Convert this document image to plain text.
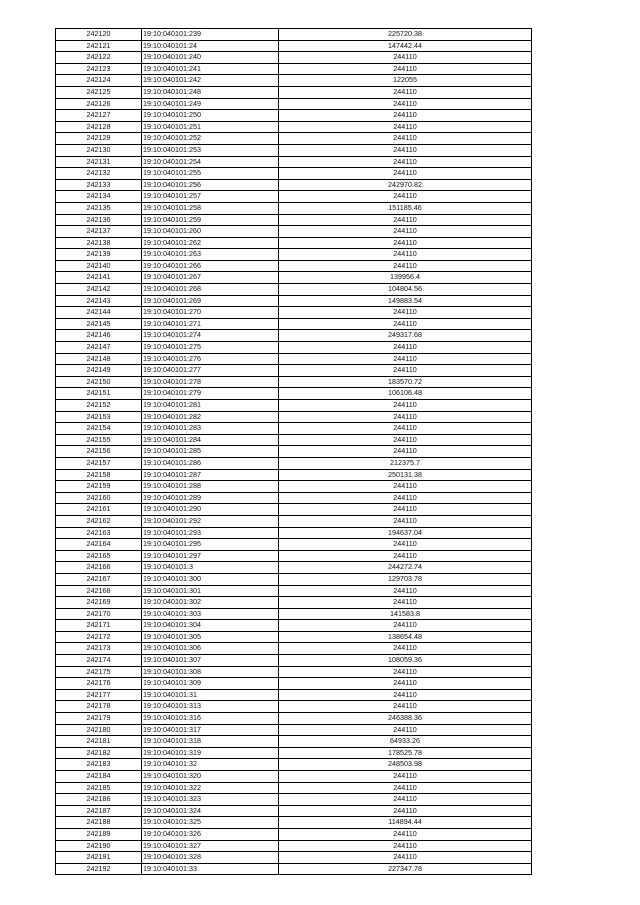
242120	19:10:040101:239	225720.38
242121	19:10:040101:24	147442.44
242122	19:10:040101:240	244110
242123	19:10:040101:241	244110
242124	19:10:040101:242	122055
242125	19:10:040101:248	244110
242126	19:10:040101:249	244110
242127	19:10:040101:250	244110
242128	19:10:040101:251	244110
242129	19:10:040101:252	244110
242130	19:10:040101:253	244110
242131	19:10:040101:254	244110
242132	19:10:040101:255	244110
242133	19:10:040101:256	242970.82
242134	19:10:040101:257	244110
242135	19:10:040101:258	151185.46
242136	19:10:040101:259	244110
242137	19:10:040101:260	244110
242138	19:10:040101:262	244110
242139	19:10:040101:263	244110
242140	19:10:040101:266	244110
242141	19:10:040101:267	139956.4
242142	19:10:040101:268	104804.56
242143	19:10:040101:269	149883.54
242144	19:10:040101:270	244110
242145	19:10:040101:271	244110
242146	19:10:040101:274	249317.68
242147	19:10:040101:275	244110
242148	19:10:040101:276	244110
242149	19:10:040101:277	244110
242150	19:10:040101:278	183570.72
242151	19:10:040101:279	106106.48
242152	19:10:040101:281	244110
242153	19:10:040101:282	244110
242154	19:10:040101:283	244110
242155	19:10:040101:284	244110
242156	19:10:040101:285	244110
242157	19:10:040101:286	212375.7
242158	19:10:040101:287	250131.38
242159	19:10:040101:288	244110
242160	19:10:040101:289	244110
242161	19:10:040101:290	244110
242162	19:10:040101:292	244110
242163	19:10:040101:293	194637.04
242164	19:10:040101:295	244110
242165	19:10:040101:297	244110
242166	19:10:040101:3	244272.74
242167	19:10:040101:300	129703.78
242168	19:10:040101:301	244110
242169	19:10:040101:302	244110
242170	19:10:040101:303	141583.8
242171	19:10:040101:304	244110
242172	19:10:040101:305	138654.48
242173	19:10:040101:306	244110
242174	19:10:040101:307	108059.36
242175	19:10:040101:308	244110
242176	19:10:040101:309	244110
242177	19:10:040101:31	244110
242178	19:10:040101:313	244110
242179	19:10:040101:316	246388.36
242180	19:10:040101:317	244110
242181	19:10:040101:318	64933.26
242182	19:10:040101:319	178525.78
242183	19:10:040101:32	248503.98
242184	19:10:040101:320	244110
242185	19:10:040101:322	244110
242186	19:10:040101:323	244110
242187	19:10:040101:324	244110
242188	19:10:040101:325	114894.44
242189	19:10:040101:326	244110
242190	19:10:040101:327	244110
242191	19:10:040101:328	244110
242192	19:10:040101:33	227347.78
